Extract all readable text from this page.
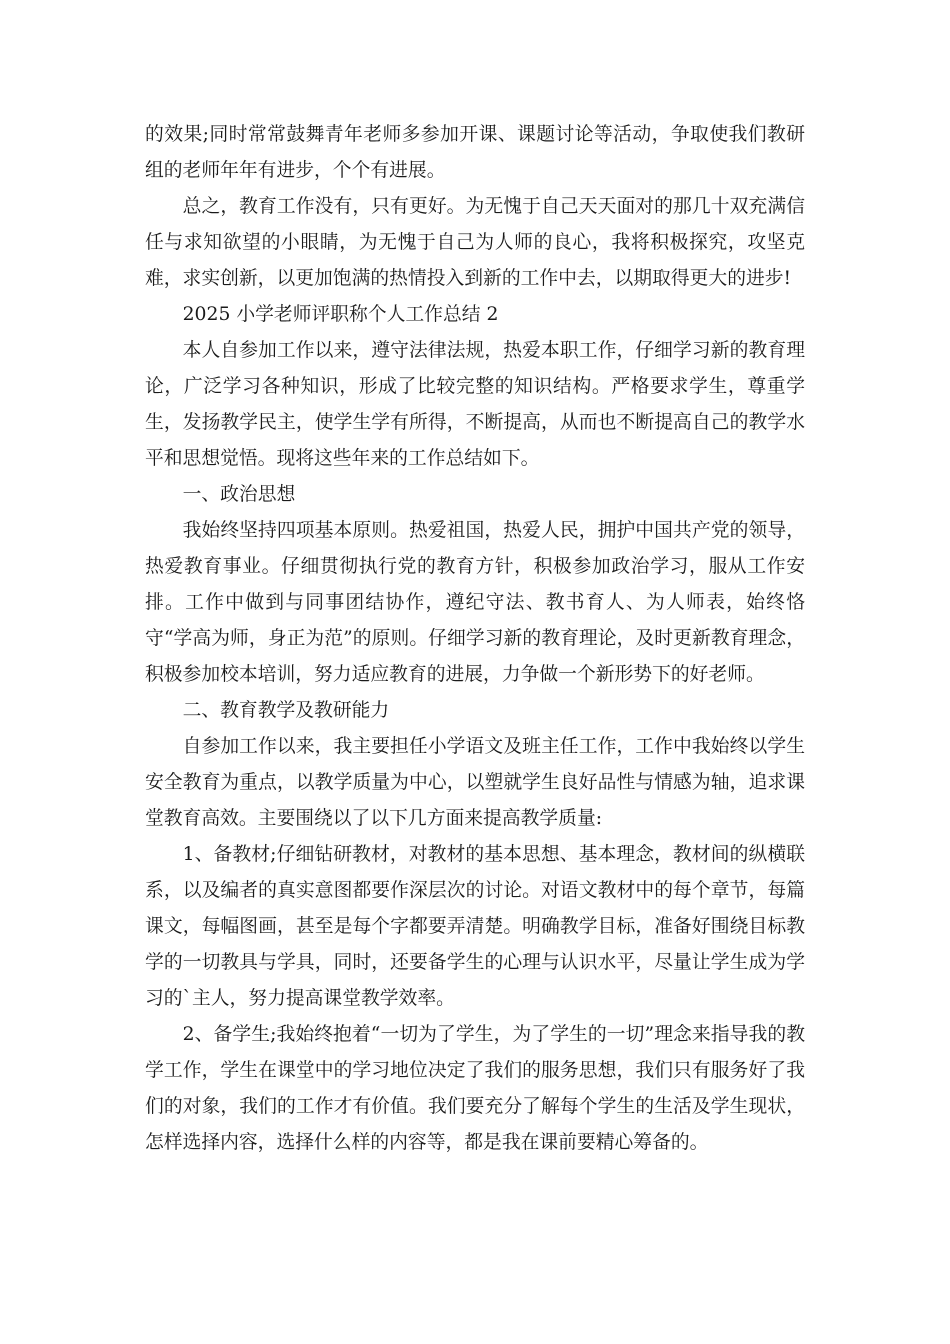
的效果;同时常常鼓舞青年老师多参加开课、课题讨论等活动，争取使我们教研组的老师年年有进步，个个有进展。

总之，教育工作没有，只有更好。为无愧于自己天天面对的那几十双充满信任与求知欲望的小眼睛，为无愧于自己为人师的良心，我将积极探究，攻坚克难，求实创新，以更加饱满的热情投入到新的工作中去，以期取得更大的进步!

2025 小学老师评职称个人工作总结 2

本人自参加工作以来，遵守法律法规，热爱本职工作，仔细学习新的教育理论，广泛学习各种知识，形成了比较完整的知识结构。严格要求学生，尊重学生，发扬教学民主，使学生学有所得，不断提高，从而也不断提高自己的教学水平和思想觉悟。现将这些年来的工作总结如下。

一、政治思想

我始终坚持四项基本原则。热爱祖国，热爱人民，拥护中国共产党的领导，热爱教育事业。仔细贯彻执行党的教育方针，积极参加政治学习，服从工作安排。工作中做到与同事团结协作，遵纪守法、教书育人、为人师表，始终恪守“学高为师，身正为范”的原则。仔细学习新的教育理论，及时更新教育理念，积极参加校本培训，努力适应教育的进展，力争做一个新形势下的好老师。

二、教育教学及教研能力

自参加工作以来，我主要担任小学语文及班主任工作，工作中我始终以学生安全教育为重点，以教学质量为中心，以塑就学生良好品性与情感为轴，追求课堂教育高效。主要围绕以了以下几方面来提高教学质量:

1、备教材;仔细钻研教材，对教材的基本思想、基本理念，教材间的纵横联系，以及编者的真实意图都要作深层次的讨论。对语文教材中的每个章节，每篇课文，每幅图画，甚至是每个字都要弄清楚。明确教学目标，准备好围绕目标教学的一切教具与学具，同时，还要备学生的心理与认识水平，尽量让学生成为学习的`主人，努力提高课堂教学效率。

2、备学生;我始终抱着“一切为了学生，为了学生的一切”理念来指导我的教学工作，学生在课堂中的学习地位决定了我们的服务思想，我们只有服务好了我们的对象，我们的工作才有价值。我们要充分了解每个学生的生活及学生现状，怎样选择内容，选择什么样的内容等，都是我在课前要精心筹备的。
